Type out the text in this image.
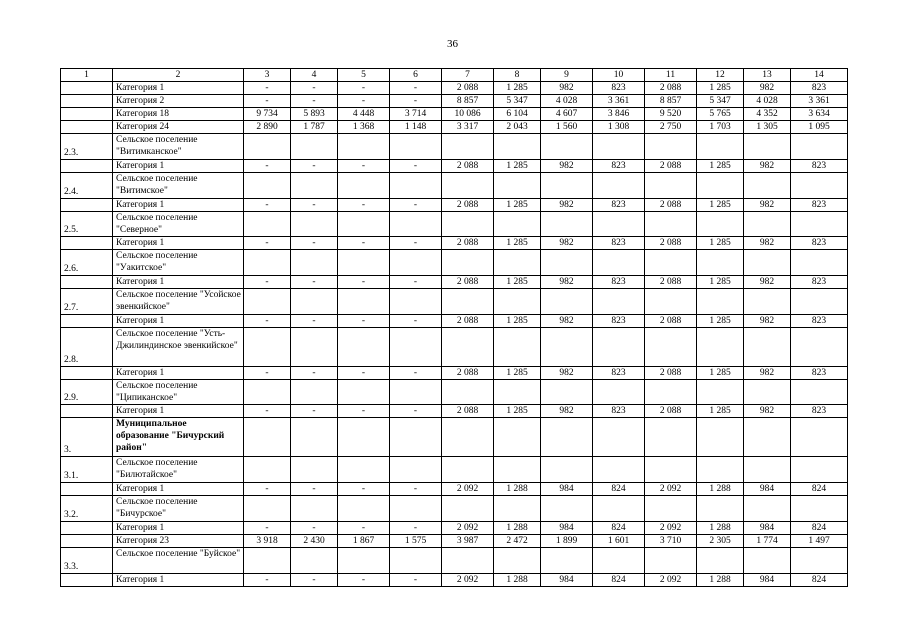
36
1	2	3	4	5	6	7	8	9	10	11	12	13	14
	Категория 1	-	-	-	-	2 088	1 285	982	823	2 088	1 285	982	823
	Категория 2	-	-	-	-	8 857	5 347	4 028	3 361	8 857	5 347	4 028	3 361
	Категория 18	9 734	5 893	4 448	3 714	10 086	6 104	4 607	3 846	9 520	5 765	4 352	3 634
	Категория 24	2 890	1 787	1 368	1 148	3 317	2 043	1 560	1 308	2 750	1 703	1 305	1 095
2.3.	Сельское поселение "Витимканское"												
	Категория 1	-	-	-	-	2 088	1 285	982	823	2 088	1 285	982	823
2.4.	Сельское поселение "Витимское"												
	Категория 1	-	-	-	-	2 088	1 285	982	823	2 088	1 285	982	823
2.5.	Сельское поселение "Северное"												
	Категория 1	-	-	-	-	2 088	1 285	982	823	2 088	1 285	982	823
2.6.	Сельское поселение "Уакитское"												
	Категория 1	-	-	-	-	2 088	1 285	982	823	2 088	1 285	982	823
2.7.	Сельское поселение "Усойское эвенкийское"												
	Категория 1	-	-	-	-	2 088	1 285	982	823	2 088	1 285	982	823
2.8.	Сельское поселение "Усть-Джилиндинское эвенкийское"												
	Категория 1	-	-	-	-	2 088	1 285	982	823	2 088	1 285	982	823
2.9.	Сельское поселение "Ципиканское"												
	Категория 1	-	-	-	-	2 088	1 285	982	823	2 088	1 285	982	823
3.	Муниципальное образование "Бичурский район"												
3.1.	Сельское поселение "Билютайское"												
	Категория 1	-	-	-	-	2 092	1 288	984	824	2 092	1 288	984	824
3.2.	Сельское поселение "Бичурское"												
	Категория 1	-	-	-	-	2 092	1 288	984	824	2 092	1 288	984	824
	Категория 23	3 918	2 430	1 867	1 575	3 987	2 472	1 899	1 601	3 710	2 305	1 774	1 497
3.3.	Сельское поселение "Буйское"												
	Категория 1	-	-	-	-	2 092	1 288	984	824	2 092	1 288	984	824
